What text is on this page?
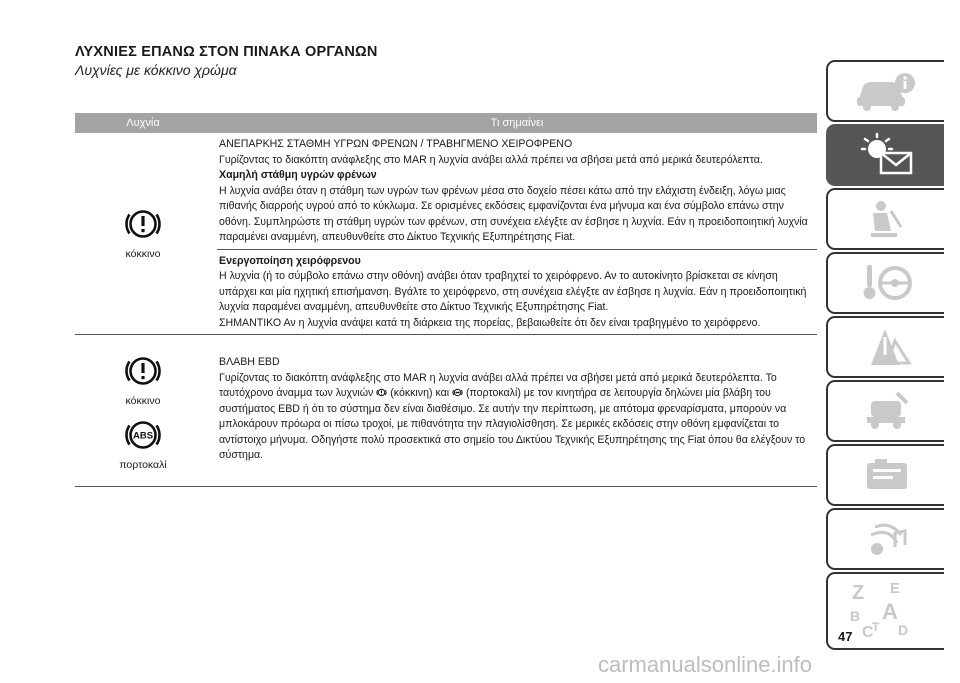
ΛΥΧΝΙΕΣ ΕΠΑΝΩ ΣΤΟΝ ΠΙΝΑΚΑ ΟΡΓΑΝΩΝ
Λυχνίες με κόκκινο χρώμα
Λυχνία	Τι σημαίνει
κόκκινο
ΑΝΕΠΑΡΚΗΣ ΣΤΑΘΜΗ ΥΓΡΩΝ ΦΡΕΝΩΝ / ΤΡΑΒΗΓΜΕΝΟ ΧΕΙΡΟΦΡΕΝΟ
Γυρίζοντας το διακόπτη ανάφλεξης στο MAR η λυχνία ανάβει αλλά πρέπει να σβήσει μετά από μερικά δευτερόλεπτα.
Χαμηλή στάθμη υγρών φρένων
Η λυχνία ανάβει όταν η στάθμη των υγρών των φρένων μέσα στο δοχείο πέσει κάτω από την ελάχιστη ένδειξη, λόγω μιας πιθανής διαρροής υγρού από το κύκλωμα. Σε ορισμένες εκδόσεις εμφανίζονται ένα μήνυμα και ένα σύμβολο επάνω στην οθόνη. Συμπληρώστε τη στάθμη υγρών των φρένων, στη συνέχεια ελέγξτε αν έσβησε η λυχνία. Εάν η προειδοποιητική λυχνία παραμένει αναμμένη, απευθυνθείτε στο Δίκτυο Τεχνικής Εξυπηρέτησης Fiat.
Ενεργοποίηση χειρόφρενου
Η λυχνία (ή το σύμβολο επάνω στην οθόνη) ανάβει όταν τραβηχτεί το χειρόφρενο. Αν το αυτοκίνητο βρίσκεται σε κίνηση υπάρχει και μία ηχητική επισήμανση. Βγάλτε το χειρόφρενο, στη συνέχεια ελέγξτε αν έσβησε η λυχνία. Εάν η προειδοποιητική λυχνία παραμένει αναμμένη, απευθυνθείτε στο Δίκτυο Τεχνικής Εξυπηρέτησης Fiat.
ΣΗΜΑΝΤΙΚΟ Αν η λυχνία ανάψει κατά τη διάρκεια της πορείας, βεβαιωθείτε ότι δεν είναι τραβηγμένο το χειρόφρενο.
κόκκινο
ABS
πορτοκαλί
ΒΛΑΒΗ EBD
Γυρίζοντας το διακόπτη ανάφλεξης στο MAR η λυχνία ανάβει αλλά πρέπει να σβήσει μετά από μερικά δευτερόλεπτα. Το ταυτόχρονο άναμμα των λυχνιών (κόκκινη) και (πορτοκαλί) με τον κινητήρα σε λειτουργία δηλώνει μία βλάβη του συστήματος EBD ή ότι το σύστημα δεν είναι διαθέσιμο. Σε αυτήν την περίπτωση, με απότομα φρεναρίσματα, μπορούν να μπλοκάρουν πρόωρα οι πίσω τροχοί, με πιθανότητα την πλαγιολίσθηση. Σε μερικές εκδόσεις στην οθόνη εμφανίζεται το αντίστοιχο μήνυμα. Οδηγήστε πολύ προσεκτικά στο σημείο του Δικτύου Τεχνικής Εξυπηρέτησης της Fiat όπου θα ελέγξουν το σύστημα.
Z E
B A
C
T D
47
carmanualsonline.info
